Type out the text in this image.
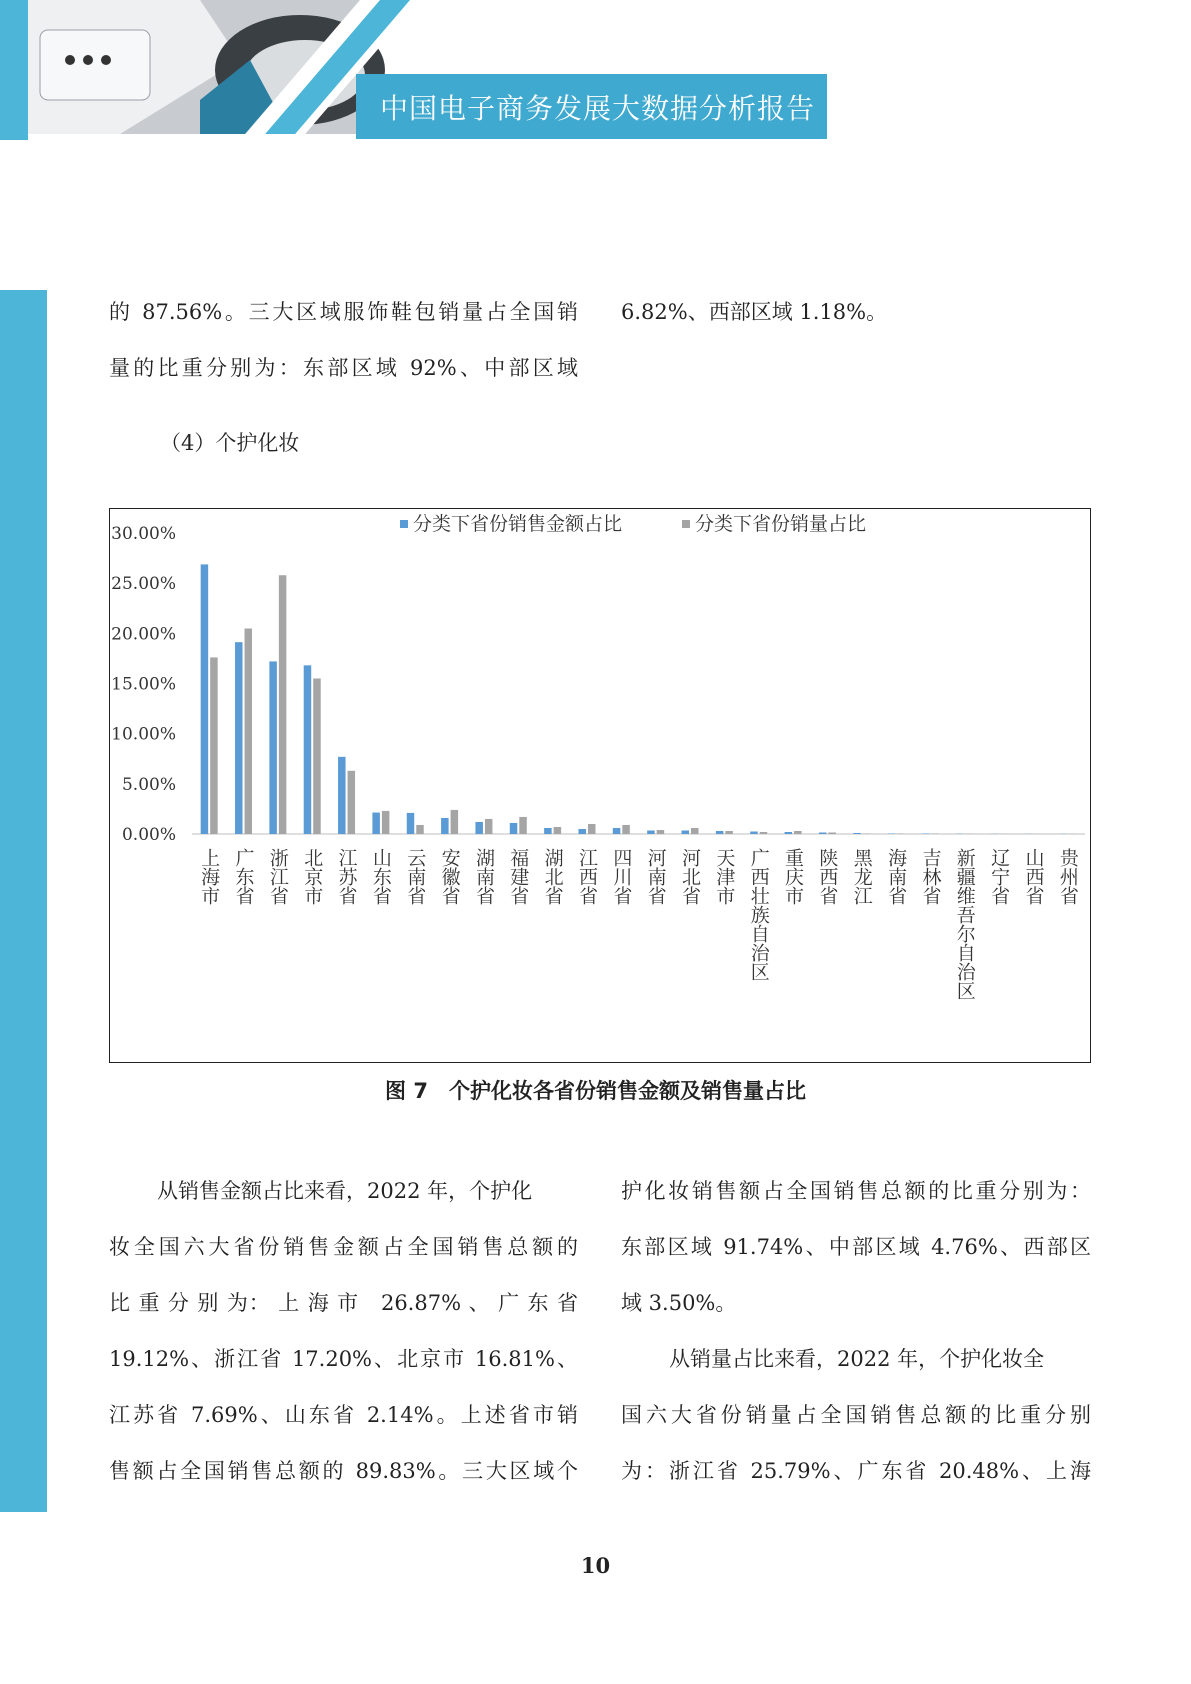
中国电子商务发展大数据分析报告

的 87.56%。三大区域服饰鞋包销量占全国销

量的比重分别为：东部区域 92%、中部区域

6.82%、西部区域 1.18%。

（4）个护化妆
0.00%
5.00%
10.00%
15.00%
20.00%
25.00%
30.00%	分类下省份销售金额占比	分类下省份销量占比
上海市 广东省 浙江省 北京市 江苏省 山东省 云南省 安徽省 湖南省 福建省 湖北省 江西省 四川省 河南省 河北省 天津市 广西壮族自治区 重庆市 陕西省 黑龙江 海南省 吉林省 新疆维吾尔自治区 辽宁省 山西省 贵州省
图 7　个护化妆各省份销售金额及销售量占比

从销售金额占比来看，2022 年，个护化

妆全国六大省份销售金额占全国销售总额的

比 重 分 别 为： 上 海 市　26.87% 、 广 东 省

19.12%、浙江省 17.20%、北京市 16.81%、

江苏省 7.69%、山东省 2.14%。上述省市销

售额占全国销售总额的 89.83%。三大区域个

护化妆销售额占全国销售总额的比重分别为：

东部区域 91.74%、中部区域 4.76%、西部区

域 3.50%。

从销量占比来看，2022 年，个护化妆全

国六大省份销量占全国销售总额的比重分别

为：浙江省 25.79%、广东省 20.48%、上海

10
